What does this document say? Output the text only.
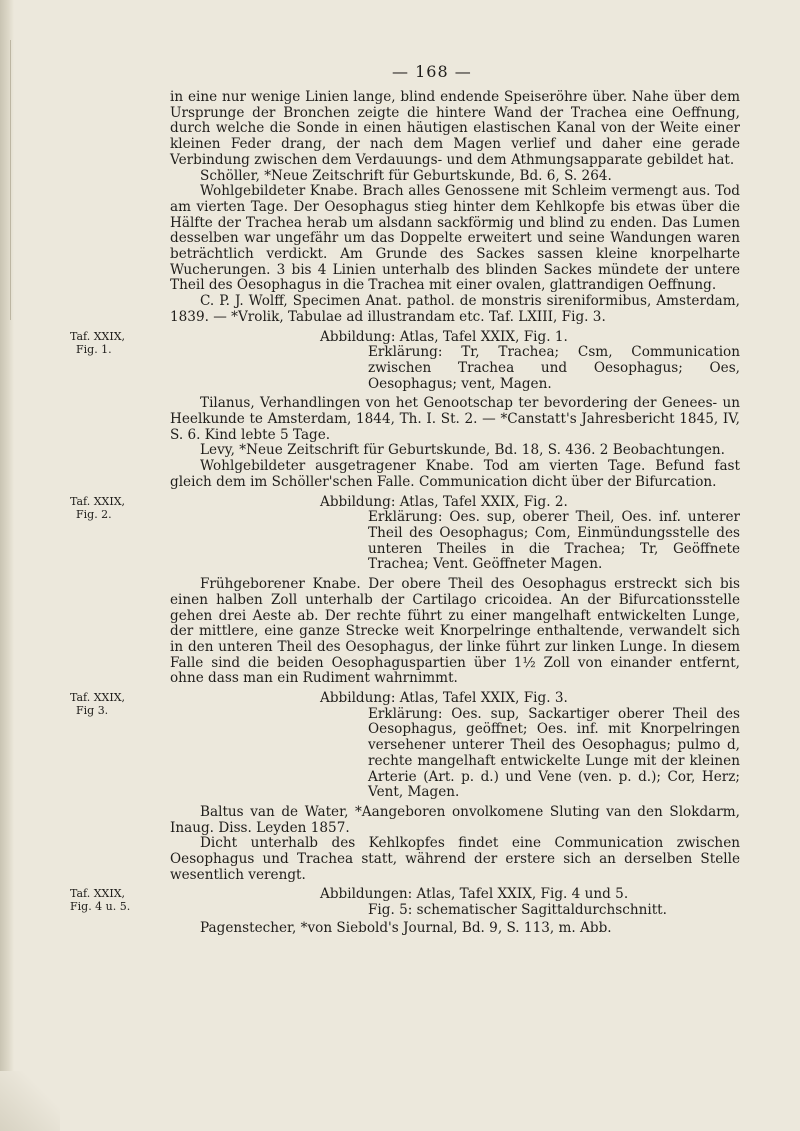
— 168 —

in eine nur wenige Linien lange, blind endende Speiseröhre über. Nahe über dem Ursprunge der Bronchen zeigte die hintere Wand der Trachea eine Oeffnung, durch welche die Sonde in einen häutigen elastischen Kanal von der Weite einer kleinen Feder drang, der nach dem Magen verlief und daher eine gerade Verbindung zwischen dem Verdauungs- und dem Athmungsapparate gebildet hat.

Schöller, *Neue Zeitschrift für Geburtskunde, Bd. 6, S. 264.

Wohlgebildeter Knabe. Brach alles Genossene mit Schleim vermengt aus. Tod am vierten Tage. Der Oesophagus stieg hinter dem Kehlkopfe bis etwas über die Hälfte der Trachea herab um alsdann sackförmig und blind zu enden. Das Lumen desselben war ungefähr um das Doppelte erweitert und seine Wandungen waren beträchtlich verdickt. Am Grunde des Sackes sassen kleine knorpelharte Wucherungen. 3 bis 4 Linien unterhalb des blinden Sackes mündete der untere Theil des Oesophagus in die Trachea mit einer ovalen, glattrandigen Oeffnung.

C. P. J. Wolff, Specimen Anat. pathol. de monstris sireniformibus, Amsterdam, 1839. — *Vrolik, Tabulae ad illustrandam etc. Taf. LXIII, Fig. 3.

Taf. XXIX,
Fig. 1.

Abbildung: Atlas, Tafel XXIX, Fig. 1.

Erklärung: Tr, Trachea; Csm, Communication zwischen Trachea und Oesophagus; Oes, Oesophagus; vent, Magen.

Tilanus, Verhandlingen von het Genootschap ter bevordering der Genees- un Heelkunde te Amsterdam, 1844, Th. I. St. 2. — *Canstatt's Jahresbericht 1845, IV, S. 6. Kind lebte 5 Tage.

Levy, *Neue Zeitschrift für Geburtskunde, Bd. 18, S. 436. 2 Beobachtungen.

Wohlgebildeter ausgetragener Knabe. Tod am vierten Tage. Befund fast gleich dem im Schöller'schen Falle. Communication dicht über der Bifurcation.

Taf. XXIX,
Fig. 2.

Abbildung: Atlas, Tafel XXIX, Fig. 2.

Erklärung: Oes. sup, oberer Theil, Oes. inf. unterer Theil des Oesophagus; Com, Einmündungsstelle des unteren Theiles in die Trachea; Tr, Geöffnete Trachea; Vent. Geöffneter Magen.

Frühgeborener Knabe. Der obere Theil des Oesophagus erstreckt sich bis einen halben Zoll unterhalb der Cartilago cricoidea. An der Bifurcationsstelle gehen drei Aeste ab. Der rechte führt zu einer mangelhaft entwickelten Lunge, der mittlere, eine ganze Strecke weit Knorpelringe enthaltende, verwandelt sich in den unteren Theil des Oesophagus, der linke führt zur linken Lunge. In diesem Falle sind die beiden Oesophaguspartien über 1½ Zoll von einander entfernt, ohne dass man ein Rudiment wahrnimmt.

Taf. XXIX,
Fig 3.

Abbildung: Atlas, Tafel XXIX, Fig. 3.

Erklärung: Oes. sup, Sackartiger oberer Theil des Oesophagus, geöffnet; Oes. inf. mit Knorpelringen versehener unterer Theil des Oesophagus; pulmo d, rechte mangelhaft entwickelte Lunge mit der kleinen Arterie (Art. p. d.) und Vene (ven. p. d.); Cor, Herz; Vent, Magen.

Baltus van de Water, *Aangeboren onvolkomene Sluting van den Slokdarm, Inaug. Diss. Leyden 1857.

Dicht unterhalb des Kehlkopfes findet eine Communication zwischen Oesophagus und Trachea statt, während der erstere sich an derselben Stelle wesentlich verengt.

Taf. XXIX,
Fig. 4 u. 5.

Abbildungen: Atlas, Tafel XXIX, Fig. 4 und 5.

Fig. 5: schematischer Sagittaldurchschnitt.

Pagenstecher, *von Siebold's Journal, Bd. 9, S. 113, m. Abb.
